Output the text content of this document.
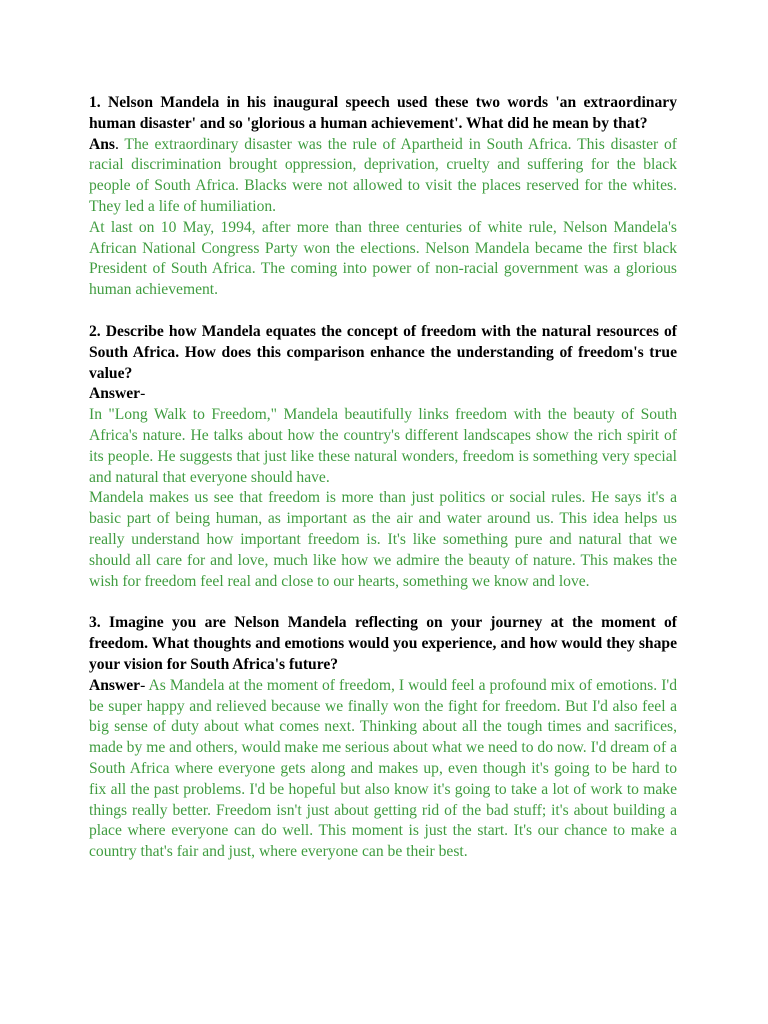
1. Nelson Mandela in his inaugural speech used these two words 'an extraordinary human disaster' and so 'glorious a human achievement'. What did he mean by that?

Ans. The extraordinary disaster was the rule of Apartheid in South Africa. This disaster of racial discrimination brought oppression, deprivation, cruelty and suffering for the black people of South Africa. Blacks were not allowed to visit the places reserved for the whites. They led a life of humiliation.

At last on 10 May, 1994, after more than three centuries of white rule, Nelson Mandela's African National Congress Party won the elections. Nelson Mandela became the first black President of South Africa. The coming into power of non-racial government was a glorious human achievement.

2. Describe how Mandela equates the concept of freedom with the natural resources of South Africa. How does this comparison enhance the understanding of freedom's true value?

Answer-

In "Long Walk to Freedom," Mandela beautifully links freedom with the beauty of South Africa's nature. He talks about how the country's different landscapes show the rich spirit of its people. He suggests that just like these natural wonders, freedom is something very special and natural that everyone should have.

Mandela makes us see that freedom is more than just politics or social rules. He says it's a basic part of being human, as important as the air and water around us. This idea helps us really understand how important freedom is. It's like something pure and natural that we should all care for and love, much like how we admire the beauty of nature. This makes the wish for freedom feel real and close to our hearts, something we know and love.

3. Imagine you are Nelson Mandela reflecting on your journey at the moment of freedom. What thoughts and emotions would you experience, and how would they shape your vision for South Africa's future?

Answer- As Mandela at the moment of freedom, I would feel a profound mix of emotions. I'd be super happy and relieved because we finally won the fight for freedom. But I'd also feel a big sense of duty about what comes next. Thinking about all the tough times and sacrifices, made by me and others, would make me serious about what we need to do now. I'd dream of a South Africa where everyone gets along and makes up, even though it's going to be hard to fix all the past problems. I'd be hopeful but also know it's going to take a lot of work to make things really better. Freedom isn't just about getting rid of the bad stuff; it's about building a place where everyone can do well. This moment is just the start. It's our chance to make a country that's fair and just, where everyone can be their best.
